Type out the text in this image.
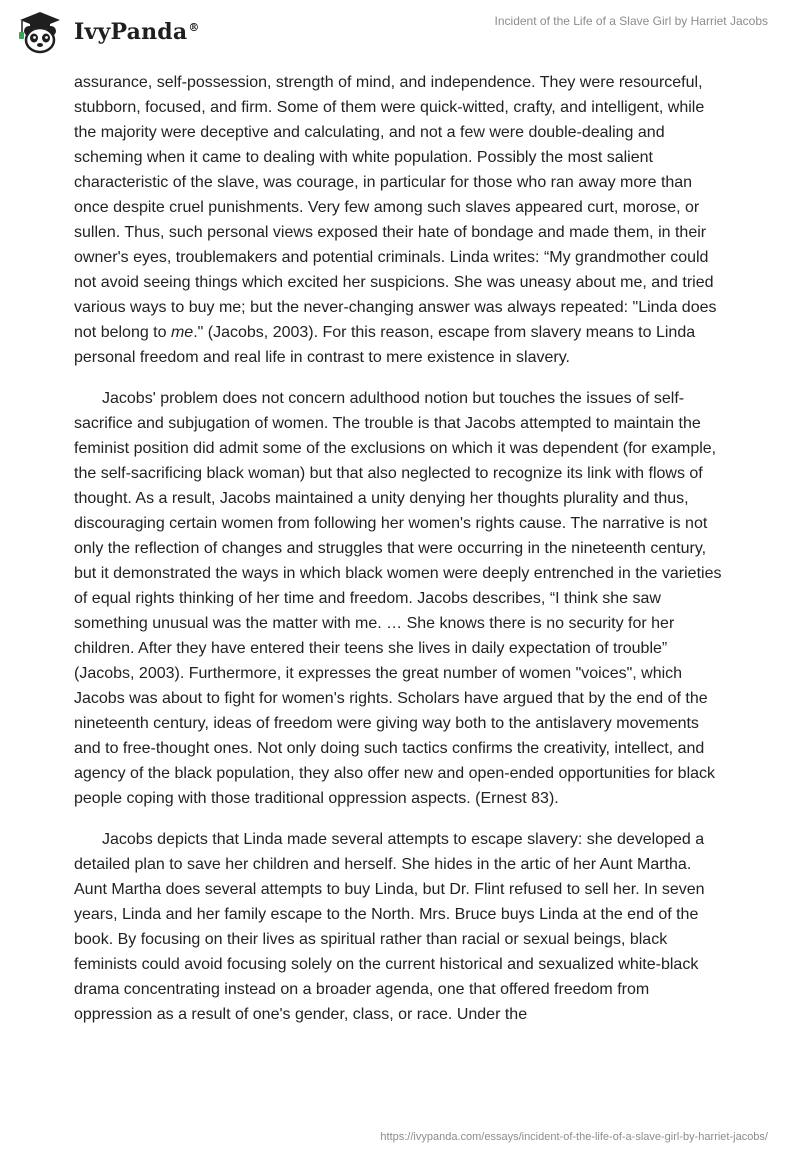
IvyPanda®	Incident of the Life of a Slave Girl by Harriet Jacobs

assurance, self-possession, strength of mind, and independence. They were resourceful, stubborn, focused, and firm. Some of them were quick-witted, crafty, and intelligent, while the majority were deceptive and calculating, and not a few were double-dealing and scheming when it came to dealing with white population. Possibly the most salient characteristic of the slave, was courage, in particular for those who ran away more than once despite cruel punishments. Very few among such slaves appeared curt, morose, or sullen. Thus, such personal views exposed their hate of bondage and made them, in their owner's eyes, troublemakers and potential criminals. Linda writes: “My grandmother could not avoid seeing things which excited her suspicions. She was uneasy about me, and tried various ways to buy me; but the never-changing answer was always repeated: "Linda does not belong to me." (Jacobs, 2003). For this reason, escape from slavery means to Linda personal freedom and real life in contrast to mere existence in slavery.

Jacobs' problem does not concern adulthood notion but touches the issues of self-sacrifice and subjugation of women. The trouble is that Jacobs attempted to maintain the feminist position did admit some of the exclusions on which it was dependent (for example, the self-sacrificing black woman) but that also neglected to recognize its link with flows of thought. As a result, Jacobs maintained a unity denying her thoughts plurality and thus, discouraging certain women from following her women's rights cause. The narrative is not only the reflection of changes and struggles that were occurring in the nineteenth century, but it demonstrated the ways in which black women were deeply entrenched in the varieties of equal rights thinking of her time and freedom. Jacobs describes, “I think she saw something unusual was the matter with me. … She knows there is no security for her children. After they have entered their teens she lives in daily expectation of trouble” (Jacobs, 2003). Furthermore, it expresses the great number of women "voices", which Jacobs was about to fight for women's rights. Scholars have argued that by the end of the nineteenth century, ideas of freedom were giving way both to the antislavery movements and to free-thought ones. Not only doing such tactics confirms the creativity, intellect, and agency of the black population, they also offer new and open-ended opportunities for black people coping with those traditional oppression aspects. (Ernest 83).

Jacobs depicts that Linda made several attempts to escape slavery: she developed a detailed plan to save her children and herself. She hides in the artic of her Aunt Martha. Aunt Martha does several attempts to buy Linda, but Dr. Flint refused to sell her. In seven years, Linda and her family escape to the North. Mrs. Bruce buys Linda at the end of the book. By focusing on their lives as spiritual rather than racial or sexual beings, black feminists could avoid focusing solely on the current historical and sexualized white-black drama concentrating instead on a broader agenda, one that offered freedom from oppression as a result of one's gender, class, or race. Under the

https://ivypanda.com/essays/incident-of-the-life-of-a-slave-girl-by-harriet-jacobs/
